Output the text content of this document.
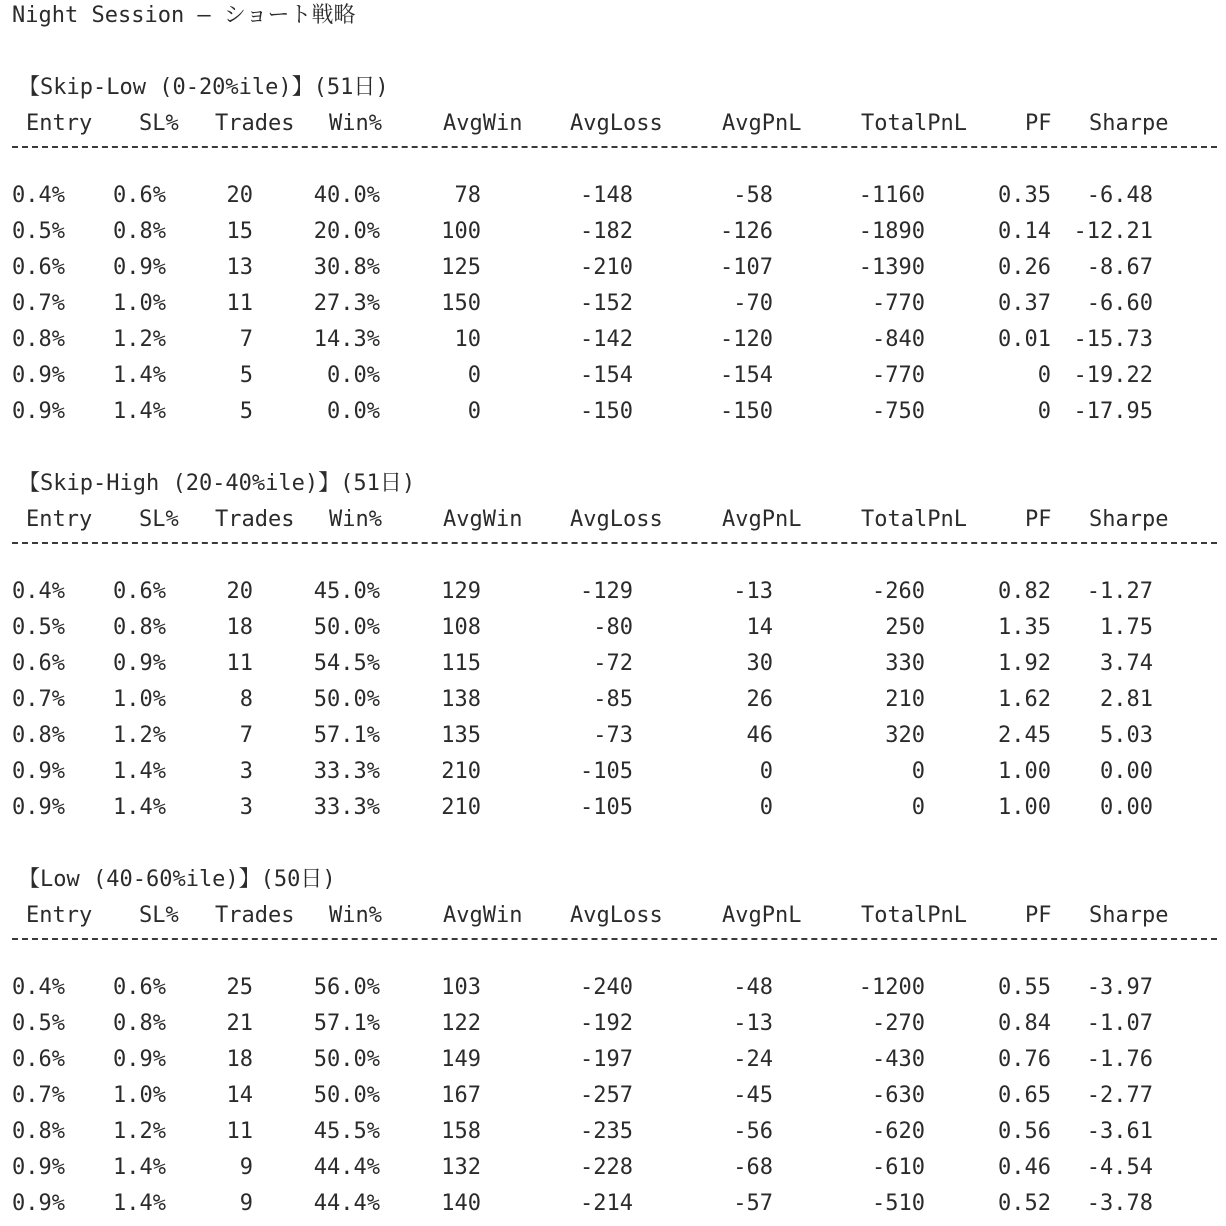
Night Session – ショート戦略
【Skip-Low (0-20%ile)】(51日)
Entry SL% Trades Win%	AvgWin AvgLoss	AvgPnL	TotalPnL	PF Sharpe
0.4% 0.6%	20	40.0%	78	-148	-58	-1160	0.35 -6.48
0.5% 0.8%	15	20.0%	100	-182	-126	-1890	0.14 -12.21
0.6% 0.9%	13	30.8%	125	-210	-107	-1390	0.26 -8.67
0.7% 1.0%	11	27.3%	150	-152	-70	-770	0.37 -6.60
0.8% 1.2%	7	14.3%	10	-142	-120	-840	0.01 -15.73
0.9% 1.4%	5	0.0%	0	-154	-154	-770	0 -19.22
0.9% 1.4%	5	0.0%	0	-150	-150	-750	0 -17.95
【Skip-High (20-40%ile)】(51日)
Entry SL% Trades Win%	AvgWin AvgLoss	AvgPnL	TotalPnL	PF Sharpe
0.4% 0.6%	20	45.0%	129	-129	-13	-260	0.82 -1.27
0.5% 0.8%	18	50.0%	108	-80	14	250	1.35 1.75
0.6% 0.9%	11	54.5%	115	-72	30	330	1.92 3.74
0.7% 1.0%	8	50.0%	138	-85	26	210	1.62 2.81
0.8% 1.2%	7	57.1%	135	-73	46	320	2.45 5.03
0.9% 1.4%	3	33.3%	210	-105	0	0	1.00 0.00
0.9% 1.4%	3	33.3%	210	-105	0	0	1.00 0.00
【Low (40-60%ile)】(50日)
Entry SL% Trades Win%	AvgWin AvgLoss	AvgPnL	TotalPnL	PF Sharpe
0.4% 0.6%	25	56.0%	103	-240	-48	-1200	0.55 -3.97
0.5% 0.8%	21	57.1%	122	-192	-13	-270	0.84 -1.07
0.6% 0.9%	18	50.0%	149	-197	-24	-430	0.76 -1.76
0.7% 1.0%	14	50.0%	167	-257	-45	-630	0.65 -2.77
0.8% 1.2%	11	45.5%	158	-235	-56	-620	0.56 -3.61
0.9% 1.4%	9	44.4%	132	-228	-68	-610	0.46 -4.54
0.9% 1.4%	9	44.4%	140	-214	-57	-510	0.52 -3.78
